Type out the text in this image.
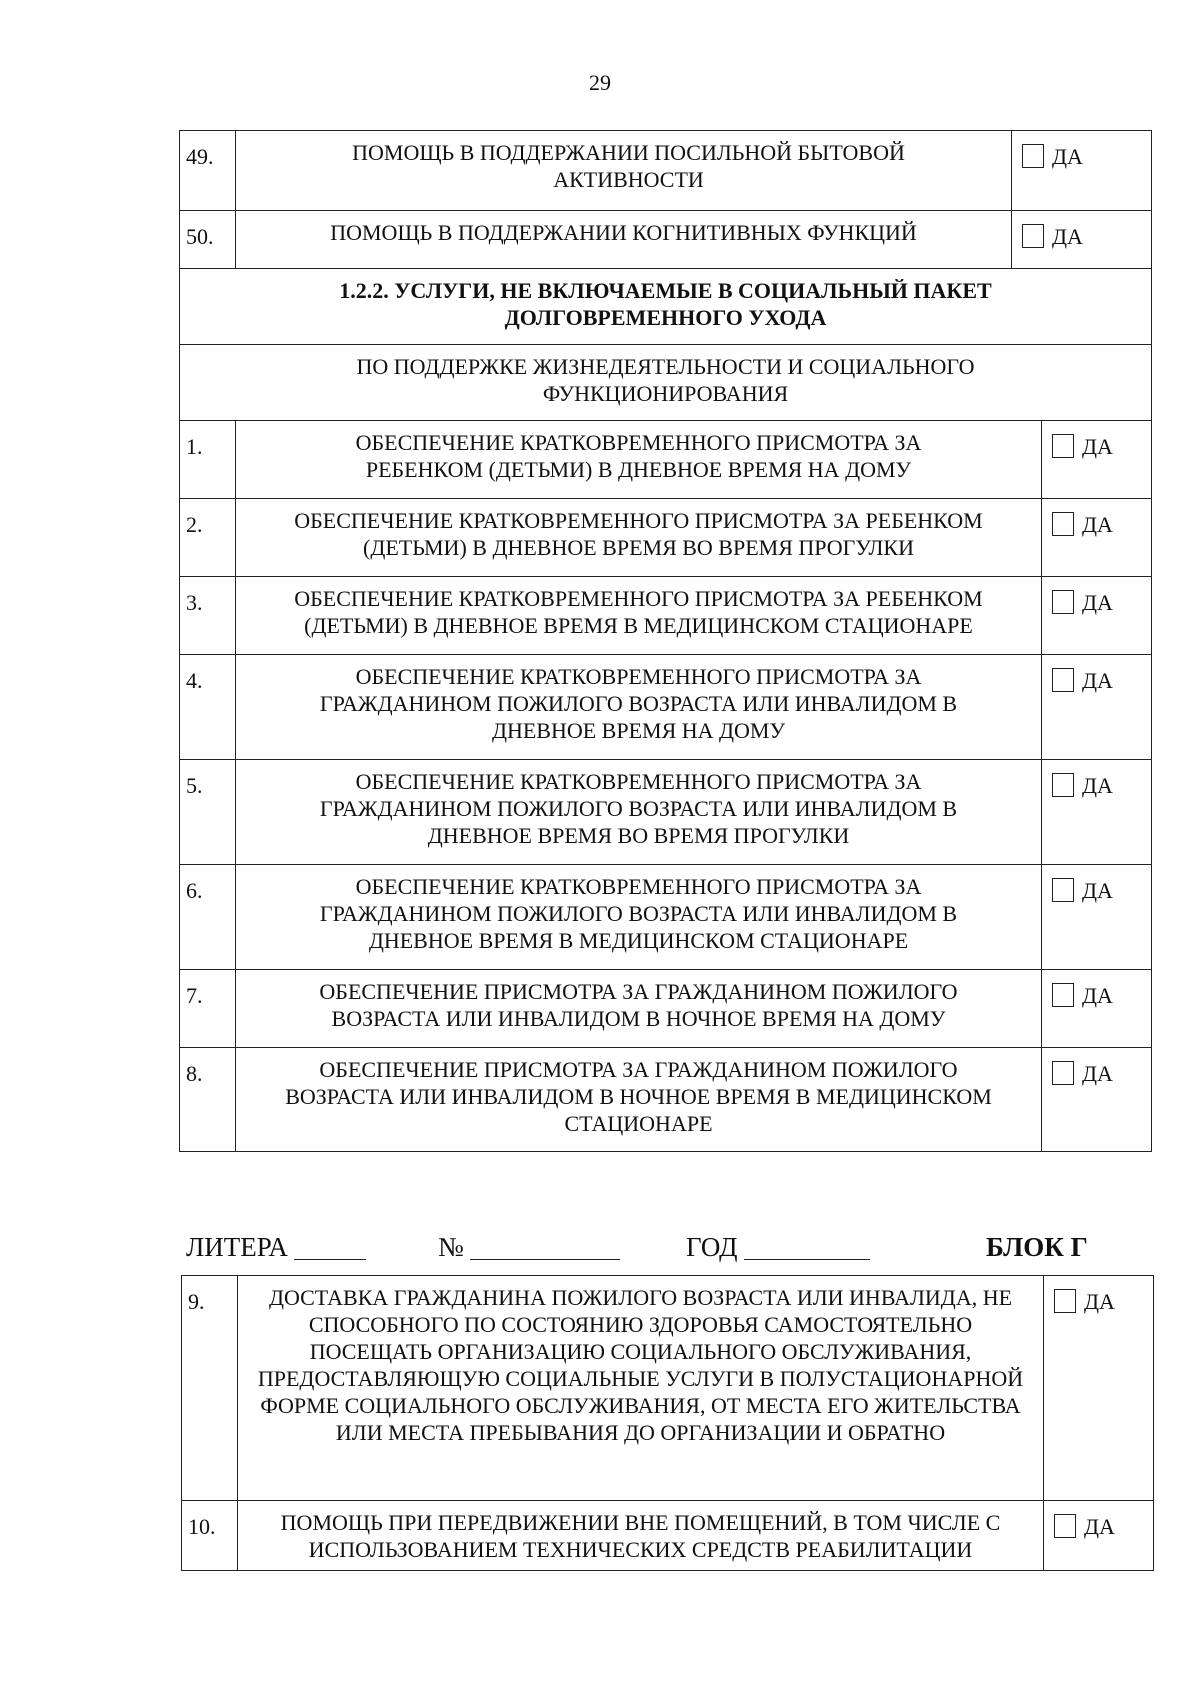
29
49.	ПОМОЩЬ В ПОДДЕРЖАНИИ ПОСИЛЬНОЙ БЫТОВОЙ АКТИВНОСТИ	ДА
50.	ПОМОЩЬ В ПОДДЕРЖАНИИ КОГНИТИВНЫХ ФУНКЦИЙ	ДА
1.2.2. УСЛУГИ, НЕ ВКЛЮЧАЕМЫЕ В СОЦИАЛЬНЫЙ ПАКЕТ ДОЛГОВРЕМЕННОГО УХОДА		
ПО ПОДДЕРЖКЕ ЖИЗНЕДЕЯТЕЛЬНОСТИ И СОЦИАЛЬНОГО ФУНКЦИОНИРОВАНИЯ		
1.	ОБЕСПЕЧЕНИЕ КРАТКОВРЕМЕННОГО ПРИСМОТРА ЗА РЕБЕНКОМ (ДЕТЬМИ) В ДНЕВНОЕ ВРЕМЯ НА ДОМУ	ДА
2.	ОБЕСПЕЧЕНИЕ КРАТКОВРЕМЕННОГО ПРИСМОТРА ЗА РЕБЕНКОМ (ДЕТЬМИ) В ДНЕВНОЕ ВРЕМЯ ВО ВРЕМЯ ПРОГУЛКИ	ДА
3.	ОБЕСПЕЧЕНИЕ КРАТКОВРЕМЕННОГО ПРИСМОТРА ЗА РЕБЕНКОМ (ДЕТЬМИ) В ДНЕВНОЕ ВРЕМЯ В МЕДИЦИНСКОМ СТАЦИОНАРЕ	ДА
4.	ОБЕСПЕЧЕНИЕ КРАТКОВРЕМЕННОГО ПРИСМОТРА ЗА ГРАЖДАНИНОМ ПОЖИЛОГО ВОЗРАСТА ИЛИ ИНВАЛИДОМ В ДНЕВНОЕ ВРЕМЯ НА ДОМУ	ДА
5.	ОБЕСПЕЧЕНИЕ КРАТКОВРЕМЕННОГО ПРИСМОТРА ЗА ГРАЖДАНИНОМ ПОЖИЛОГО ВОЗРАСТА ИЛИ ИНВАЛИДОМ В ДНЕВНОЕ ВРЕМЯ ВО ВРЕМЯ ПРОГУЛКИ	ДА
6.	ОБЕСПЕЧЕНИЕ КРАТКОВРЕМЕННОГО ПРИСМОТРА ЗА ГРАЖДАНИНОМ ПОЖИЛОГО ВОЗРАСТА ИЛИ ИНВАЛИДОМ В ДНЕВНОЕ ВРЕМЯ В МЕДИЦИНСКОМ СТАЦИОНАРЕ	ДА
7.	ОБЕСПЕЧЕНИЕ ПРИСМОТРА ЗА ГРАЖДАНИНОМ ПОЖИЛОГО ВОЗРАСТА ИЛИ ИНВАЛИДОМ В НОЧНОЕ ВРЕМЯ НА ДОМУ	ДА
8.	ОБЕСПЕЧЕНИЕ ПРИСМОТРА ЗА ГРАЖДАНИНОМ ПОЖИЛОГО ВОЗРАСТА ИЛИ ИНВАЛИДОМ В НОЧНОЕ ВРЕМЯ В МЕДИЦИНСКОМ СТАЦИОНАРЕ	ДА
ЛИТЕРА	№	ГОД	БЛОК Г
9.	ДОСТАВКА ГРАЖДАНИНА ПОЖИЛОГО ВОЗРАСТА ИЛИ ИНВАЛИДА, НЕ СПОСОБНОГО ПО СОСТОЯНИЮ ЗДОРОВЬЯ САМОСТОЯТЕЛЬНО ПОСЕЩАТЬ ОРГАНИЗАЦИЮ СОЦИАЛЬНОГО ОБСЛУЖИВАНИЯ, ПРЕДОСТАВЛЯЮЩУЮ СОЦИАЛЬНЫЕ УСЛУГИ В ПОЛУСТАЦИОНАРНОЙ ФОРМЕ СОЦИАЛЬНОГО ОБСЛУЖИВАНИЯ, ОТ МЕСТА ЕГО ЖИТЕЛЬСТВА ИЛИ МЕСТА ПРЕБЫВАНИЯ ДО ОРГАНИЗАЦИИ И ОБРАТНО	ДА
10.	ПОМОЩЬ ПРИ ПЕРЕДВИЖЕНИИ ВНЕ ПОМЕЩЕНИЙ, В ТОМ ЧИСЛЕ С ИСПОЛЬЗОВАНИЕМ ТЕХНИЧЕСКИХ СРЕДСТВ РЕАБИЛИТАЦИИ	ДА
